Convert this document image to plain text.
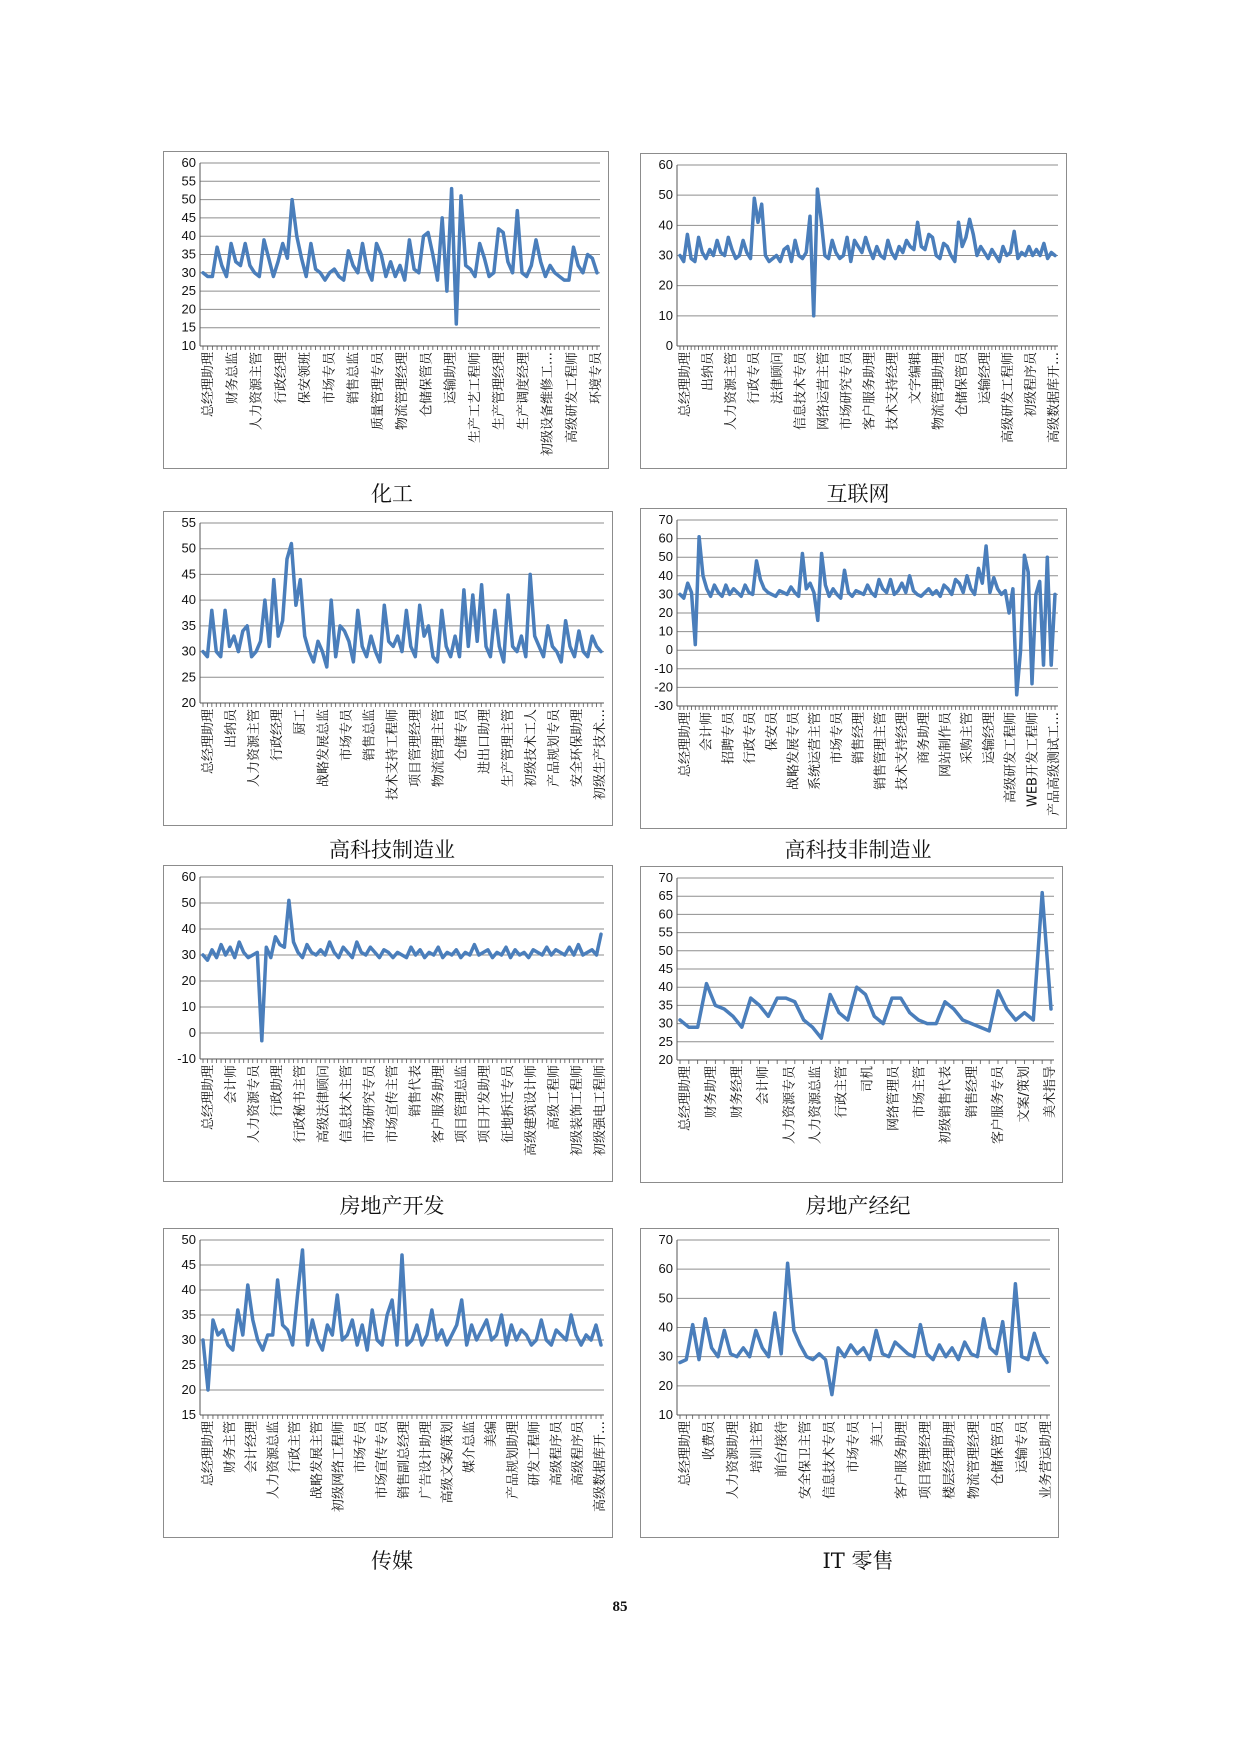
10
15
20
25
30
35
40
45
50
55
60
总经理助理 财务总监 人力资源主管 行政经理 保安领班 市场专员 销售总监 质量管理专员 物流管理经理 仓储保管员 运输助理 生产工艺工程师 生产管理经理 生产调度经理 初级设备维修工… 高级研发工程师 环境专员
化工
0
10
20
30
40
50
60
总经理助理 出纳员 人力资源主管 行政专员 法律顾问 信息技术专员 网络运营主管 市场研究专员 客户服务助理 技术支持经理 文字编辑 物流管理助理 仓储保管员 运输经理 高级研发工程师 初级程序员 高级数据库开…
互联网
20
25
30
35
40
45
50
55
总经理助理 出纳员 人力资源主管 行政经理 厨工 战略发展总监 市场专员 销售总监 技术支持工程师 项目管理经理 物流管理主管 仓储专员 进出口助理 生产管理主管 初级技术工人 产品规划专员 安全环保助理 初级生产技术…
高科技制造业
-30
-20
-10
0
10
20
30
40
50
60
70
总经理助理 会计师 招聘专员 行政专员 保安员 战略发展专员 系统运营主管 市场专员 销售经理 销售管理主管 技术支持经理 商务助理 网站制作员 采购主管 运输经理 高级研发工程师 WEB开发工程师 产品高级测试工…
高科技非制造业
-10
0
10
20
30
40
50
60
总经理助理 会计师 人力资源专员 行政助理 行政秘书主管 高级法律顾问 信息技术主管 市场研究专员 市场宣传主管 销售代表 客户服务助理 项目管理总监 项目开发助理 征地拆迁专员 高级建筑设计师 高级工程师 初级装饰工程师 初级强电工程师
房地产开发
20
25
30
35
40
45
50
55
60
65
70
总经理助理 财务助理 财务经理 会计师 人力资源专员 人力资源总监 行政主管 司机 网络管理员 市场主管 初级销售代表 销售经理 客户服务专员 文案/策划 美术指导
房地产经纪
15
20
25
30
35
40
45
50
总经理助理 财务主管 会计经理 人力资源总监 行政主管 战略发展主管 初级网络工程师 市场专员 市场宣传专员 销售副总经理 广告设计助理 高级文案/策划 媒介总监 美编 产品规划助理 研发工程师 高级程序员 高级程序员 高级数据库开…
传媒
10
20
30
40
50
60
70
总经理助理 收费员 人力资源助理 培训主管 前台/接待 安全保卫主管 信息技术专员 市场专员 美工 客户服务助理 项目管理经理 楼层经理助理 物流管理经理 仓储保管员 运输专员 业务营运助理
IT 零售
85
